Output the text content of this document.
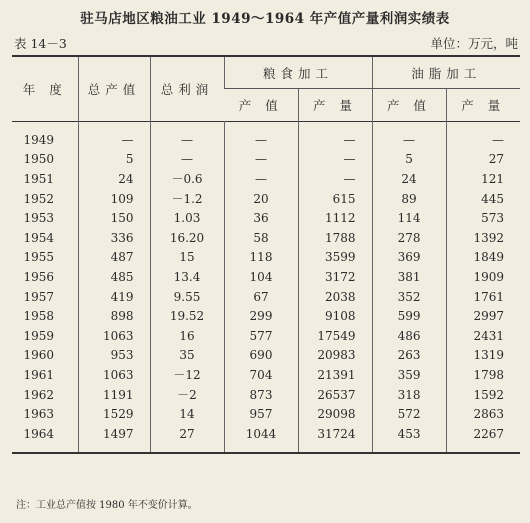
驻马店地区粮油工业 1949～1964 年产值产量利润实绩表
表 14－3	单位：万元，吨
年 度	总产值	总利润	粮食加工		油脂加工	
			产 值	产 量	产 值	产 量
1949	—	—	—	—	—	—
1950	5	—	—	—	5	27
1951	24	－0.6	—	—	24	121
1952	109	－1.2	20	615	89	445
1953	150	1.03	36	1112	114	573
1954	336	16.20	58	1788	278	1392
1955	487	15	118	3599	369	1849
1956	485	13.4	104	3172	381	1909
1957	419	9.55	67	2038	352	1761
1958	898	19.52	299	9108	599	2997
1959	1063	16	577	17549	486	2431
1960	953	35	690	20983	263	1319
1961	1063	－12	704	21391	359	1798
1962	1191	－2	873	26537	318	1592
1963	1529	14	957	29098	572	2863
1964	1497	27	1044	31724	453	2267
注：工业总产值按 1980 年不变价计算。
